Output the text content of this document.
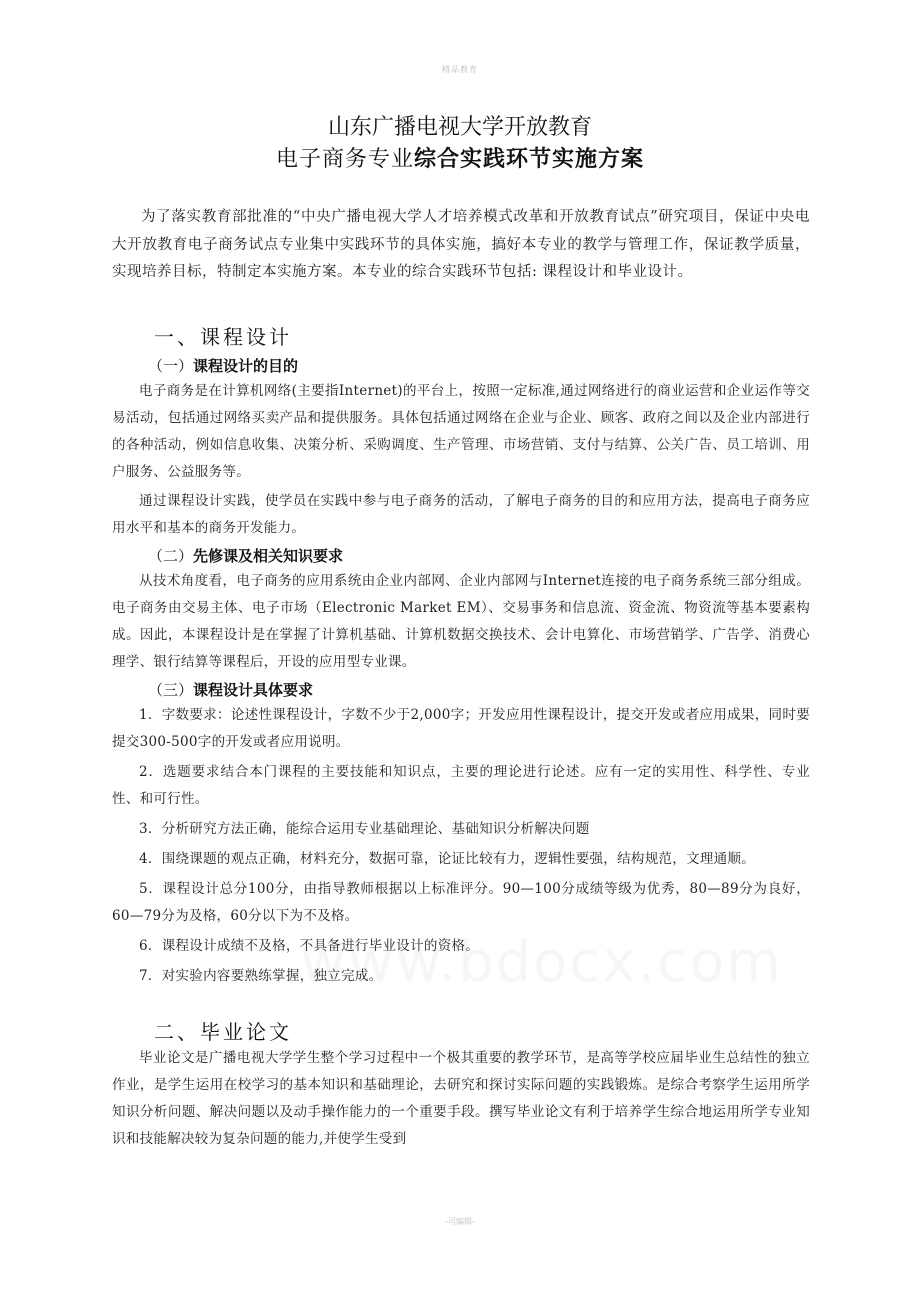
精品教育
山东广播电视大学开放教育
电子商务专业综合实践环节实施方案

为了落实教育部批准的“中央广播电视大学人才培养模式改革和开放教育试点”研究项目，保证中央电大开放教育电子商务试点专业集中实践环节的具体实施，搞好本专业的教学与管理工作，保证教学质量，实现培养目标，特制定本实施方案。本专业的综合实践环节包括: 课程设计和毕业设计。

一、课程设计
（一）课程设计的目的

电子商务是在计算机网络(主要指Internet)的平台上，按照一定标准,通过网络进行的商业运营和企业运作等交易活动，包括通过网络买卖产品和提供服务。具体包括通过网络在企业与企业、顾客、政府之间以及企业内部进行的各种活动，例如信息收集、决策分析、采购调度、生产管理、市场营销、支付与结算、公关广告、员工培训、用户服务、公益服务等。

通过课程设计实践，使学员在实践中参与电子商务的活动，了解电子商务的目的和应用方法，提高电子商务应用水平和基本的商务开发能力。

（二）先修课及相关知识要求

从技术角度看，电子商务的应用系统由企业内部网、企业内部网与Internet连接的电子商务系统三部分组成。电子商务由交易主体、电子市场（Electronic Market EM）、交易事务和信息流、资金流、物资流等基本要素构成。因此，本课程设计是在掌握了计算机基础、计算机数据交换技术、会计电算化、市场营销学、广告学、消费心理学、银行结算等课程后，开设的应用型专业课。

（三）课程设计具体要求

1．字数要求：论述性课程设计，字数不少于2,000字；开发应用性课程设计，提交开发或者应用成果，同时要提交300-500字的开发或者应用说明。

2．选题要求结合本门课程的主要技能和知识点，主要的理论进行论述。应有一定的实用性、科学性、专业性、和可行性。

3．分析研究方法正确，能综合运用专业基础理论、基础知识分析解决问题

4．围绕课题的观点正确，材料充分，数据可靠，论证比较有力，逻辑性要强，结构规范，文理通顺。

5．课程设计总分100分，由指导教师根据以上标准评分。90—100分成绩等级为优秀，80—89分为良好，60—79分为及格，60分以下为不及格。

6．课程设计成绩不及格，不具备进行毕业设计的资格。

7．对实验内容要熟练掌握，独立完成。

二、毕业论文

毕业论文是广播电视大学学生整个学习过程中一个极其重要的教学环节，是高等学校应届毕业生总结性的独立作业，是学生运用在校学习的基本知识和基础理论，去研究和探讨实际问题的实践锻炼。是综合考察学生运用所学知识分析问题、解决问题以及动手操作能力的一个重要手段。撰写毕业论文有利于培养学生综合地运用所学专业知识和技能解决较为复杂问题的能力,并使学生受到

-可编辑-
